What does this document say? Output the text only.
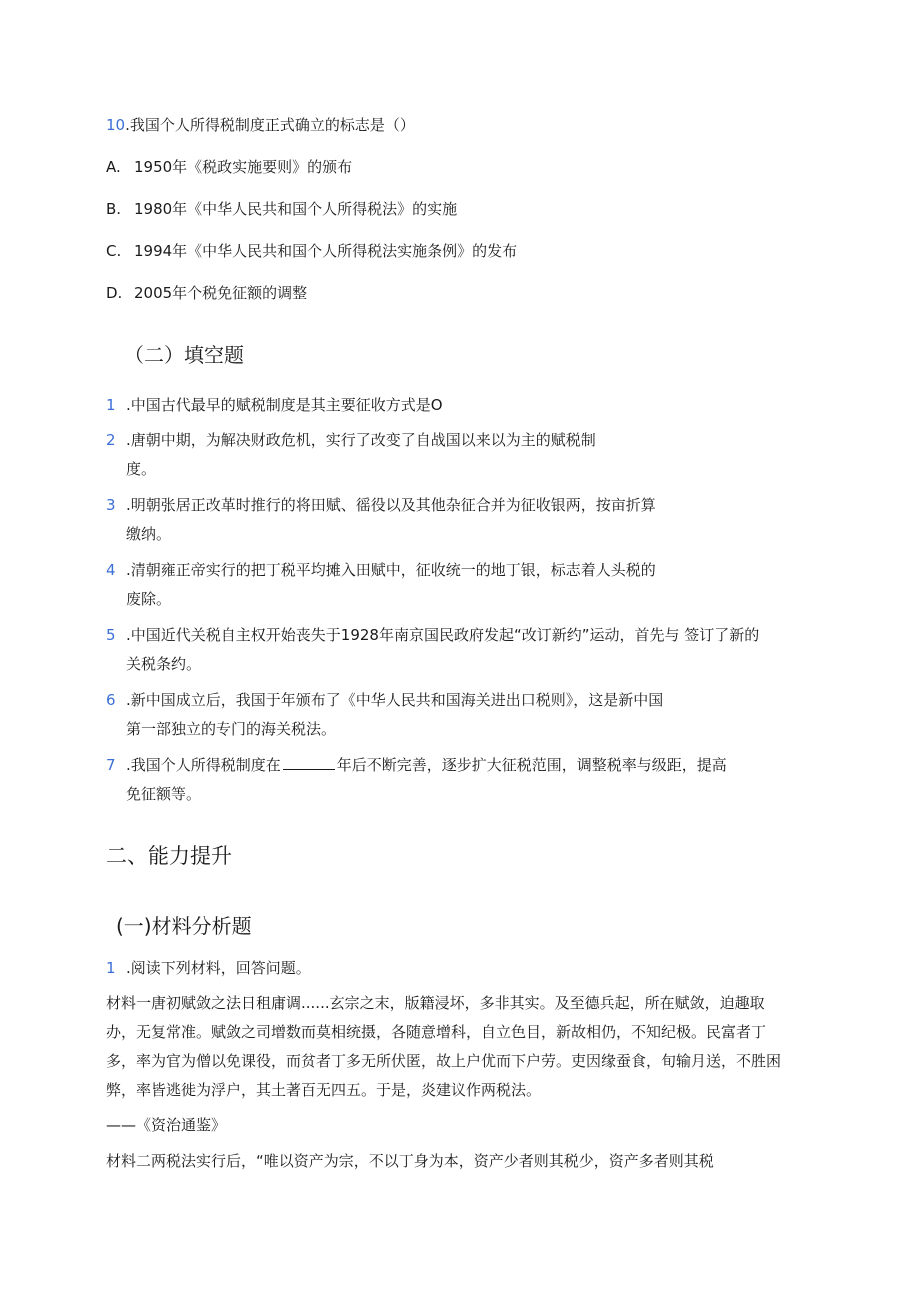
10.我国个人所得税制度正式确立的标志是（）
A. 1950年《税政实施要则》的颁布
B. 1980年《中华人民共和国个人所得税法》的实施
C. 1994年《中华人民共和国个人所得税法实施条例》的发布
D. 2005年个税免征额的调整
（二）填空题
1 .中国古代最早的赋税制度是其主要征收方式是O
2 .唐朝中期，为解决财政危机，实行了改变了自战国以来以为主的赋税制
度。
3 .明朝张居正改革时推行的将田赋、徭役以及其他杂征合并为征收银两，按亩折算
缴纳。
4 .清朝雍正帝实行的把丁税平均摊入田赋中，征收统一的地丁银，标志着人头税的
废除。
5 .中国近代关税自主权开始丧失于1928年南京国民政府发起“改订新约”运动，首先与 签订了新的
关税条约。
6 .新中国成立后，我国于年颁布了《中华人民共和国海关进出口税则》，这是新中国
第一部独立的专门的海关税法。
7 .我国个人所得税制度在	年后不断完善，逐步扩大征税范围，调整税率与级距，提高
免征额等。
二、能力提升
(一)材料分析题
1 .阅读下列材料，回答问题。
材料一唐初赋敛之法日租庸调......玄宗之末，版籍浸坏，多非其实。及至德兵起，所在赋敛，迫趣取
办，无复常准。赋敛之司增数而莫相统摄，各随意增科，自立色目，新故相仍，不知纪极。民富者丁
多，率为官为僧以免课役，而贫者丁多无所伏匿，故上户优而下户劳。吏因缘蚕食，旬输月送，不胜困
弊，率皆逃徙为浮户，其土著百无四五。于是，炎建议作两税法。
——《资治通鉴》
材料二两税法实行后，“唯以资产为宗，不以丁身为本，资产少者则其税少，资产多者则其税
